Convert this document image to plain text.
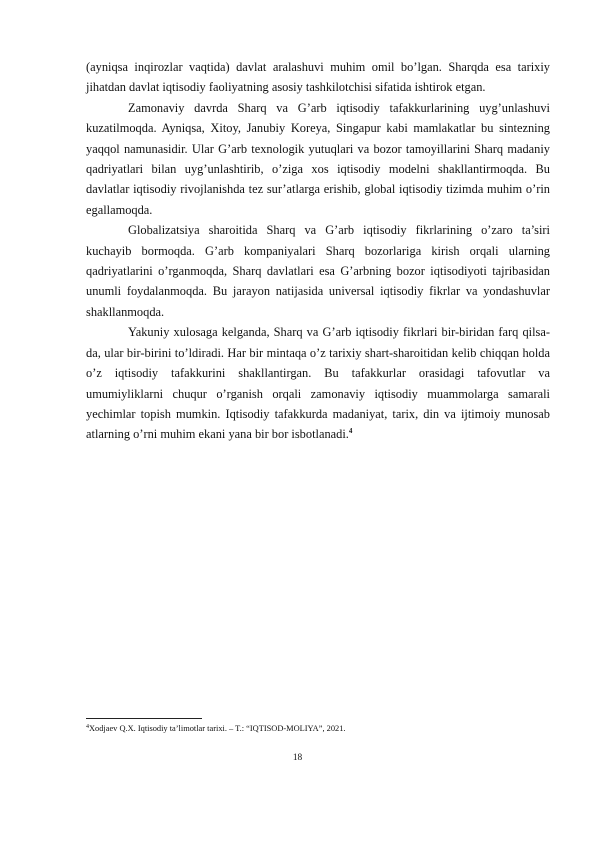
(ayniqsa inqirozlar vaqtida) davlat aralashuvi muhim omil bo’lgan. Sharqda esa tarixiy jihatdan davlat iqtisodiy faoliyatning asosiy tashkilotchisi sifatida ishtirok etgan.

Zamonaviy davrda Sharq va G’arb iqtisodiy tafakkurlarining uyg’unlashuvi kuzatilmoqda. Ayniqsa, Xitoy, Janubiy Koreya, Singapur kabi mamlakatlar bu sintezning yaqqol namunasidir. Ular G’arb texnologik yutuqlari va bozor tamoyillarini Sharq madaniy qadriyatlari bilan uyg’unlashtirib, o’ziga xos iqtisodiy modelni shakllantirmoqda. Bu davlatlar iqtisodiy rivojlanishda tez sur’atlarga erishib, global iqtisodiy tizimda muhim o’rin egallamoqda.

Globalizatsiya sharoitida Sharq va G’arb iqtisodiy fikrlarining o’zaro ta’siri kuchayib bormoqda. G’arb kompaniyalari Sharq bozorlariga kirish orqali ularning qadriyatlarini o’rganmoqda, Sharq davlatlari esa G’arbning bozor iqtisodiyoti tajribasidan unumli foydalanmoqda. Bu jarayon natijasida universal iqtisodiy fikrlar va yondashuvlar shakllanmoqda.

Yakuniy xulosaga kelganda, Sharq va G’arb iqtisodiy fikrlari bir-biridan farq qilsa-da, ular bir-birini to’ldiradi. Har bir mintaqa o’z tarixiy shart-sharoitidan kelib chiqqan holda o’z iqtisodiy tafakkurini shakllantirgan. Bu tafakkurlar orasidagi tafovutlar va umumiyliklarni chuqur o’rganish orqali zamonaviy iqtisodiy muammolarga samarali yechimlar topish mumkin. Iqtisodiy tafakkurda madaniyat, tarix, din va ijtimoiy munosab atlarning o’rni muhim ekani yana bir bor isbotlanadi.$^4$

$^4$Xodjaev Q.X. Iqtisodiy ta’limotlar tarixi. – T.: “IQTISOD-MOLIYA”, 2021.
18
